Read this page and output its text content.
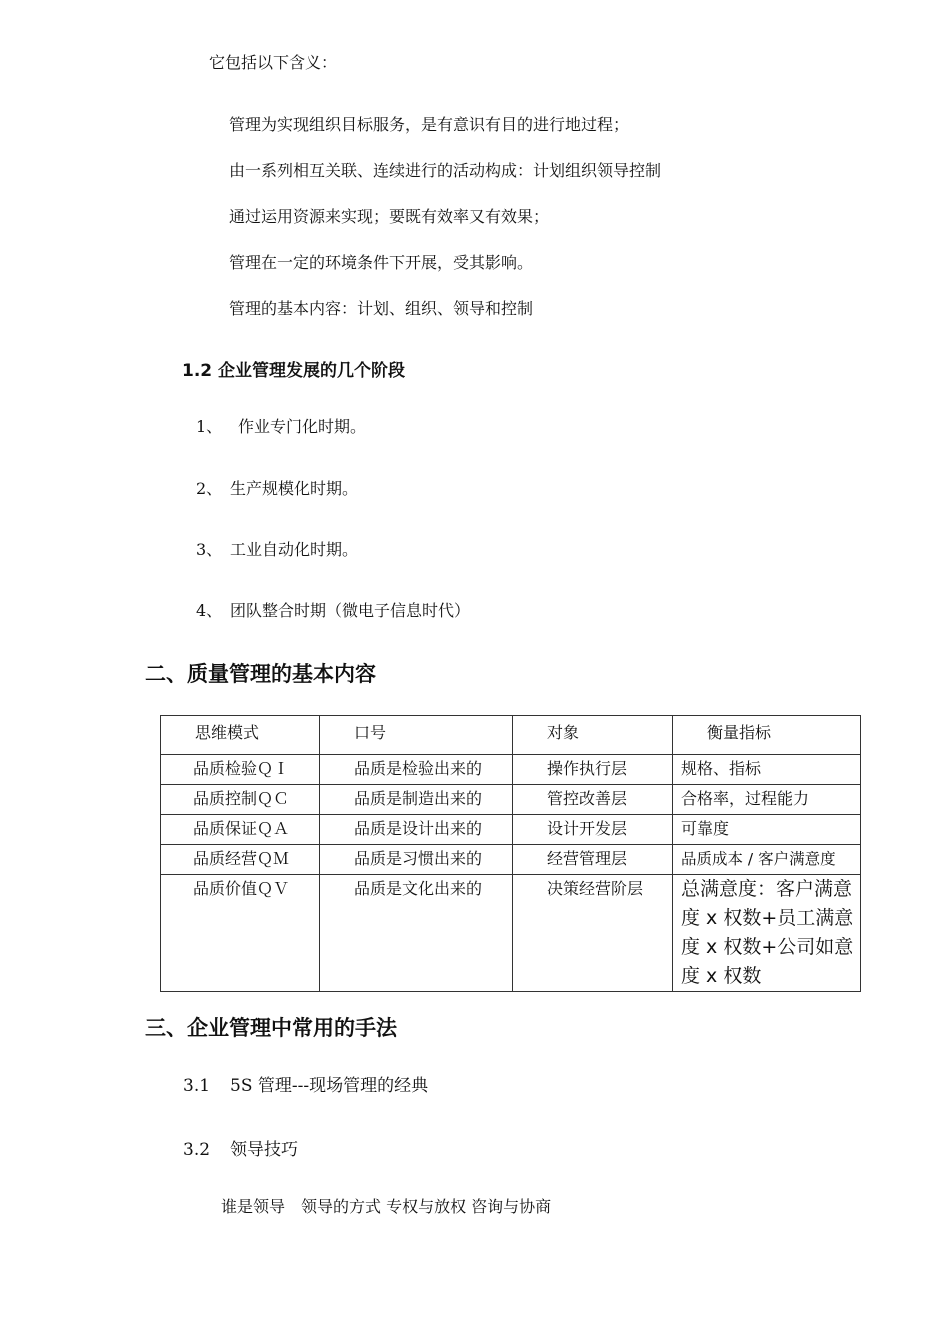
它包括以下含义：
管理为实现组织目标服务，是有意识有目的进行地过程；
由一系列相互关联、连续进行的活动构成：计划组织领导控制
通过运用资源来实现；要既有效率又有效果；
管理在一定的环境条件下开展，受其影响。
管理的基本内容：计划、组织、领导和控制
1.2 企业管理发展的几个阶段
1、 作业专门化时期。
2、 生产规模化时期。
3、 工业自动化时期。
4、 团队整合时期（微电子信息时代）
二、质量管理的基本内容
思维模式	口号	对象	衡量指标
品质检验ＱＩ	品质是检验出来的	操作执行层	规格、指标
品质控制ＱＣ	品质是制造出来的	管控改善层	合格率，过程能力
品质保证ＱＡ	品质是设计出来的	设计开发层	可靠度
品质经营ＱＭ	品质是习惯出来的	经营管理层	品质成本 / 客户满意度
品质价值ＱＶ	品质是文化出来的	决策经营阶层	总满意度：客户满意度 x 权数+员工满意度 x 权数+公司如意度 x 权数
三、企业管理中常用的手法
3.1 5S 管理---现场管理的经典
3.2 领导技巧
谁是领导　领导的方式 专权与放权 咨询与协商
